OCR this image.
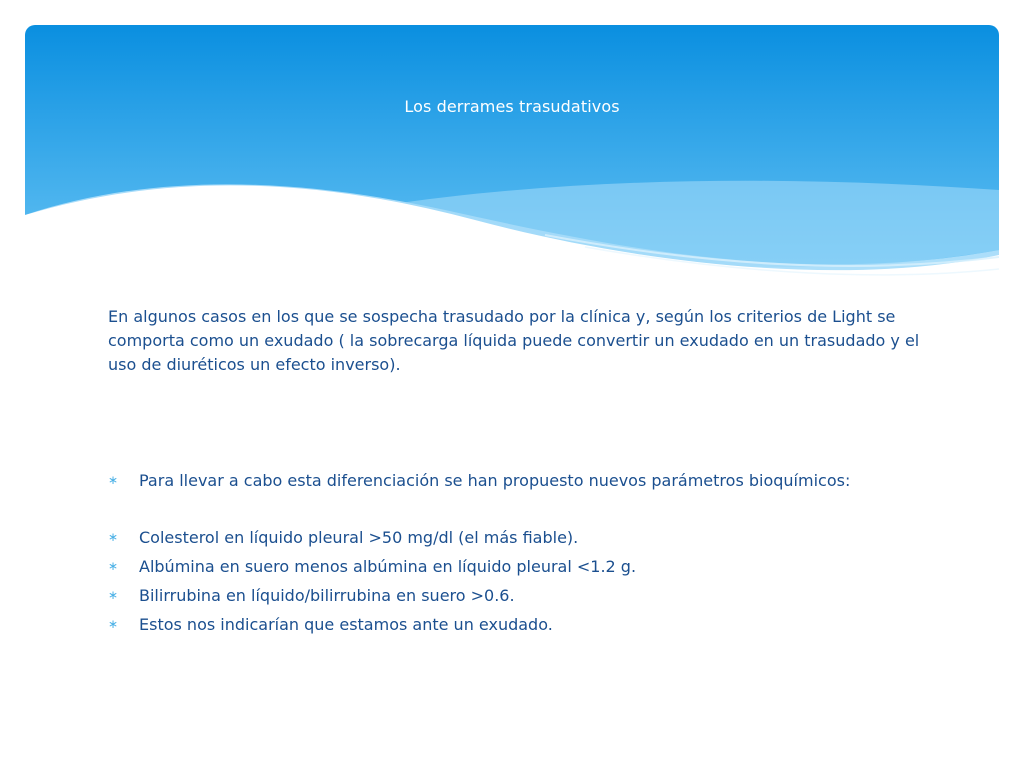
Los derrames trasudativos
En algunos casos en los que se sospecha trasudado por la clínica y, según los criterios de Light se comporta como un exudado ( la sobrecarga líquida puede convertir un exudado en un trasudado y el uso de diuréticos un efecto inverso).
∗ Para llevar a cabo esta diferenciación se han propuesto nuevos parámetros bioquímicos:
∗ Colesterol en líquido pleural >50 mg/dl (el más fiable).
∗ Albúmina en suero menos albúmina en líquido pleural <1.2 g.
∗ Bilirrubina en líquido/bilirrubina en suero >0.6.
∗ Estos nos indicarían que estamos ante un exudado.
